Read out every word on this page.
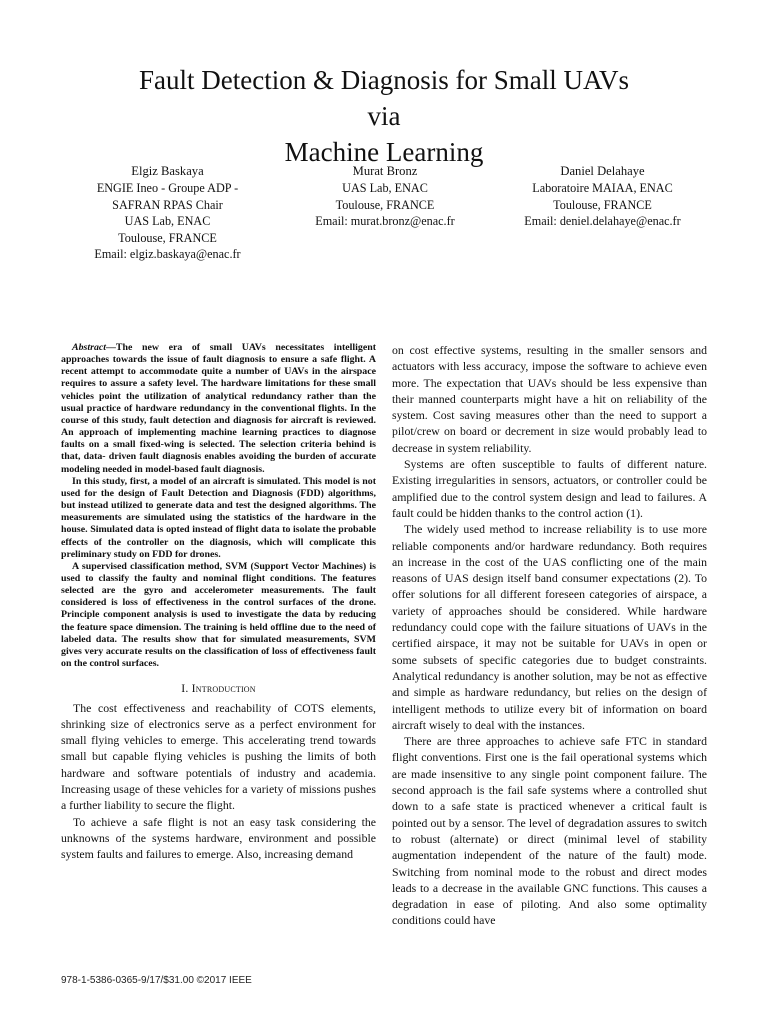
Fault Detection & Diagnosis for Small UAVs
via
Machine Learning
Elgiz Baskaya
ENGIE Ineo - Groupe ADP -
SAFRAN RPAS Chair
UAS Lab, ENAC
Toulouse, FRANCE
Email: elgiz.baskaya@enac.fr
Murat Bronz
UAS Lab, ENAC
Toulouse, FRANCE
Email: murat.bronz@enac.fr
Daniel Delahaye
Laboratoire MAIAA, ENAC
Toulouse, FRANCE
Email: deniel.delahaye@enac.fr

Abstract—The new era of small UAVs necessitates intelligent approaches towards the issue of fault diagnosis to ensure a safe flight. A recent attempt to accommodate quite a number of UAVs in the airspace requires to assure a safety level. The hardware limitations for these small vehicles point the utilization of analytical redundancy rather than the usual practice of hardware redundancy in the conventional flights. In the course of this study, fault detection and diagnosis for aircraft is reviewed. An approach of implementing machine learning practices to diagnose faults on a small fixed-wing is selected. The selection criteria behind is that, data- driven fault diagnosis enables avoiding the burden of accurate modeling needed in model-based fault diagnosis.

In this study, first, a model of an aircraft is simulated. This model is not used for the design of Fault Detection and Diagnosis (FDD) algorithms, but instead utilized to generate data and test the designed algorithms. The measurements are simulated using the statistics of the hardware in the house. Simulated data is opted instead of flight data to isolate the probable effects of the controller on the diagnosis, which will complicate this preliminary study on FDD for drones.

A supervised classification method, SVM (Support Vector Machines) is used to classify the faulty and nominal flight conditions. The features selected are the gyro and accelerometer measurements. The fault considered is loss of effectiveness in the control surfaces of the drone. Principle component analysis is used to investigate the data by reducing the feature space dimension. The training is held offline due to the need of labeled data. The results show that for simulated measurements, SVM gives very accurate results on the classification of loss of effectiveness fault on the control surfaces.

I. Introduction

The cost effectiveness and reachability of COTS elements, shrinking size of electronics serve as a perfect environment for small flying vehicles to emerge. This accelerating trend towards small but capable flying vehicles is pushing the limits of both hardware and software potentials of industry and academia. Increasing usage of these vehicles for a variety of missions pushes a further liability to secure the flight.

To achieve a safe flight is not an easy task considering the unknowns of the systems hardware, environment and possible system faults and failures to emerge. Also, increasing demand

on cost effective systems, resulting in the smaller sensors and actuators with less accuracy, impose the software to achieve even more. The expectation that UAVs should be less expensive than their manned counterparts might have a hit on reliability of the system. Cost saving measures other than the need to support a pilot/crew on board or decrement in size would probably lead to decrease in system reliability.

Systems are often susceptible to faults of different nature. Existing irregularities in sensors, actuators, or controller could be amplified due to the control system design and lead to failures. A fault could be hidden thanks to the control action (1).

The widely used method to increase reliability is to use more reliable components and/or hardware redundancy. Both requires an increase in the cost of the UAS conflicting one of the main reasons of UAS design itself band consumer expectations (2). To offer solutions for all different foreseen categories of airspace, a variety of approaches should be considered. While hardware redundancy could cope with the failure situations of UAVs in the certified airspace, it may not be suitable for UAVs in open or some subsets of specific categories due to budget constraints. Analytical redundancy is another solution, may be not as effective and simple as hardware redundancy, but relies on the design of intelligent methods to utilize every bit of information on board aircraft wisely to deal with the instances.

There are three approaches to achieve safe FTC in standard flight conventions. First one is the fail operational systems which are made insensitive to any single point component failure. The second approach is the fail safe systems where a controlled shut down to a safe state is practiced whenever a critical fault is pointed out by a sensor. The level of degradation assures to switch to robust (alternate) or direct (minimal level of stability augmentation independent of the nature of the fault) mode. Switching from nominal mode to the robust and direct modes leads to a decrease in the available GNC functions. This causes a degradation in ease of piloting. And also some optimality conditions could have

978-1-5386-0365-9/17/$31.00 ©2017 IEEE
